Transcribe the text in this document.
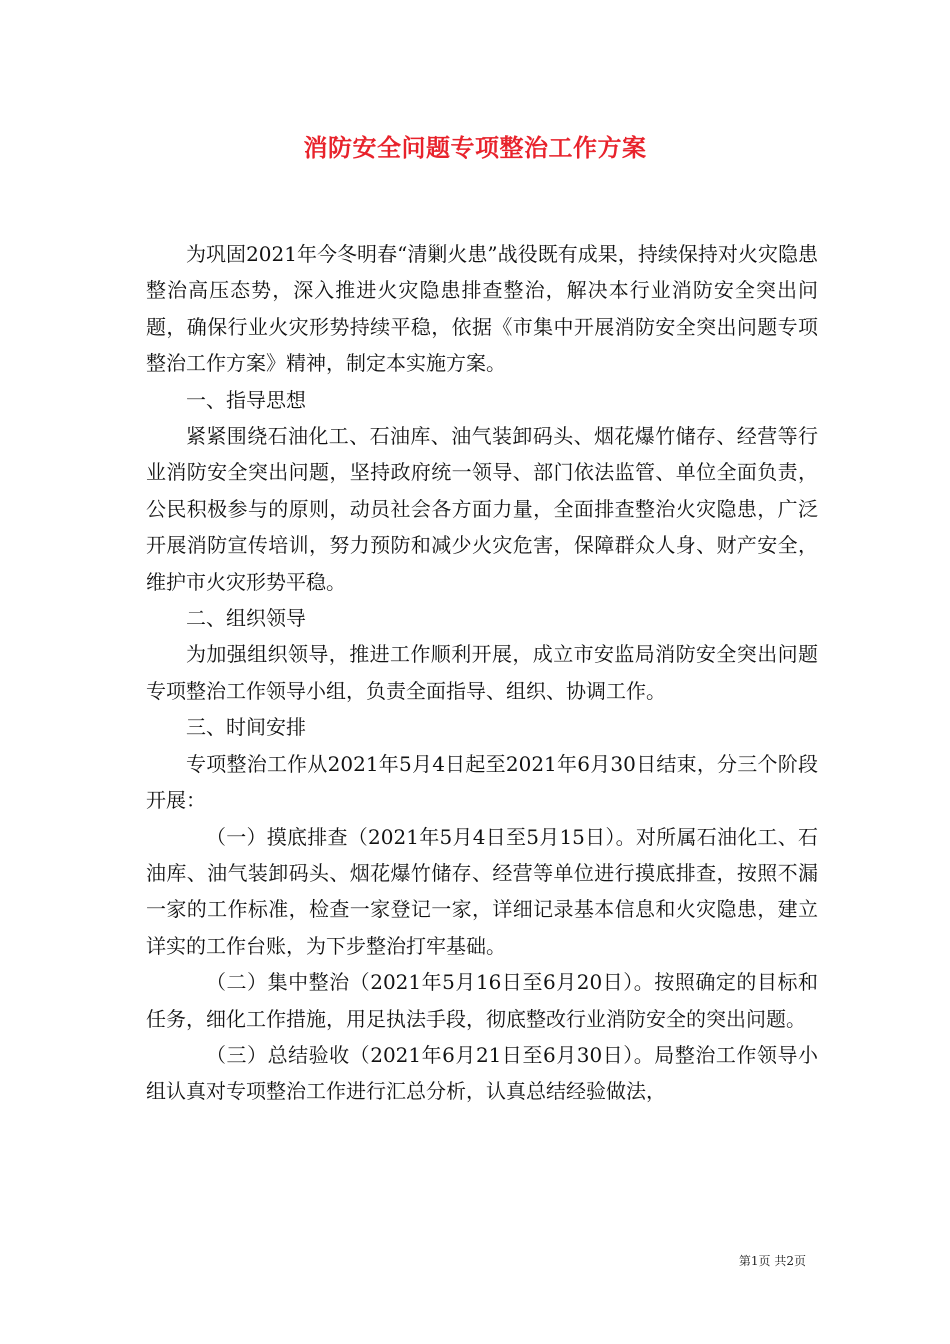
消防安全问题专项整治工作方案

为巩固2021年今冬明春“清剿火患”战役既有成果，持续保持对火灾隐患整治高压态势，深入推进火灾隐患排查整治，解决本行业消防安全突出问题，确保行业火灾形势持续平稳，依据《市集中开展消防安全突出问题专项整治工作方案》精神，制定本实施方案。

一、指导思想

紧紧围绕石油化工、石油库、油气装卸码头、烟花爆竹储存、经营等行业消防安全突出问题，坚持政府统一领导、部门依法监管、单位全面负责，公民积极参与的原则，动员社会各方面力量，全面排查整治火灾隐患，广泛开展消防宣传培训，努力预防和减少火灾危害，保障群众人身、财产安全，维护市火灾形势平稳。

二、组织领导

为加强组织领导，推进工作顺利开展，成立市安监局消防安全突出问题专项整治工作领导小组，负责全面指导、组织、协调工作。

三、时间安排

专项整治工作从2021年5月4日起至2021年6月30日结束，分三个阶段开展：

（一）摸底排查（2021年5月4日至5月15日）。对所属石油化工、石油库、油气装卸码头、烟花爆竹储存、经营等单位进行摸底排查，按照不漏一家的工作标准，检查一家登记一家，详细记录基本信息和火灾隐患，建立详实的工作台账，为下步整治打牢基础。

（二）集中整治（2021年5月16日至6月20日）。按照确定的目标和任务，细化工作措施，用足执法手段，彻底整改行业消防安全的突出问题。

（三）总结验收（2021年6月21日至6月30日）。局整治工作领导小组认真对专项整治工作进行汇总分析，认真总结经验做法，

第1页 共2页
